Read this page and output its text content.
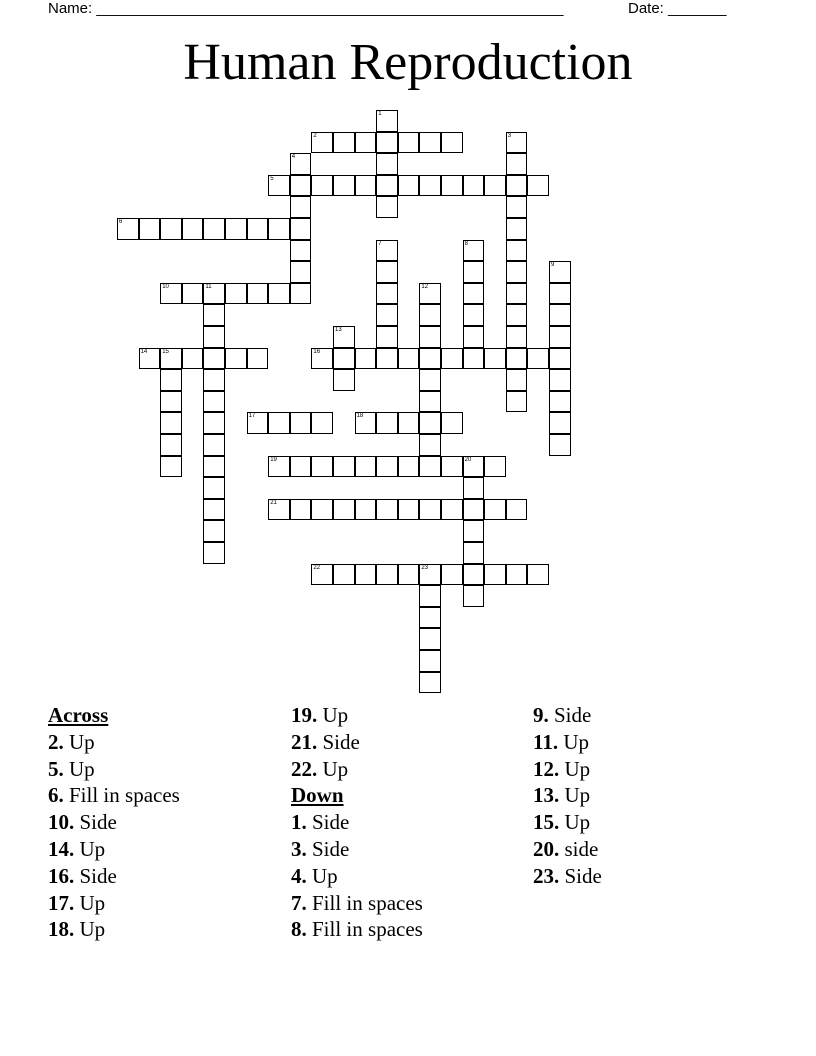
Name: ________________________________________________________	Date: _______
Human Reproduction
1
2	3
4
5
6
7	8
9
10	11	12
13
14 15	16
17	18
19	20
21
22	23
Across
2. Up
5. Up
6. Fill in spaces
10. Side
14. Up
16. Side
17. Up
18. Up
19. Up
21. Side
22. Up
Down
1. Side
3. Side
4. Up
7. Fill in spaces
8. Fill in spaces
9. Side
11. Up
12. Up
13. Up
15. Up
20. side
23. Side
